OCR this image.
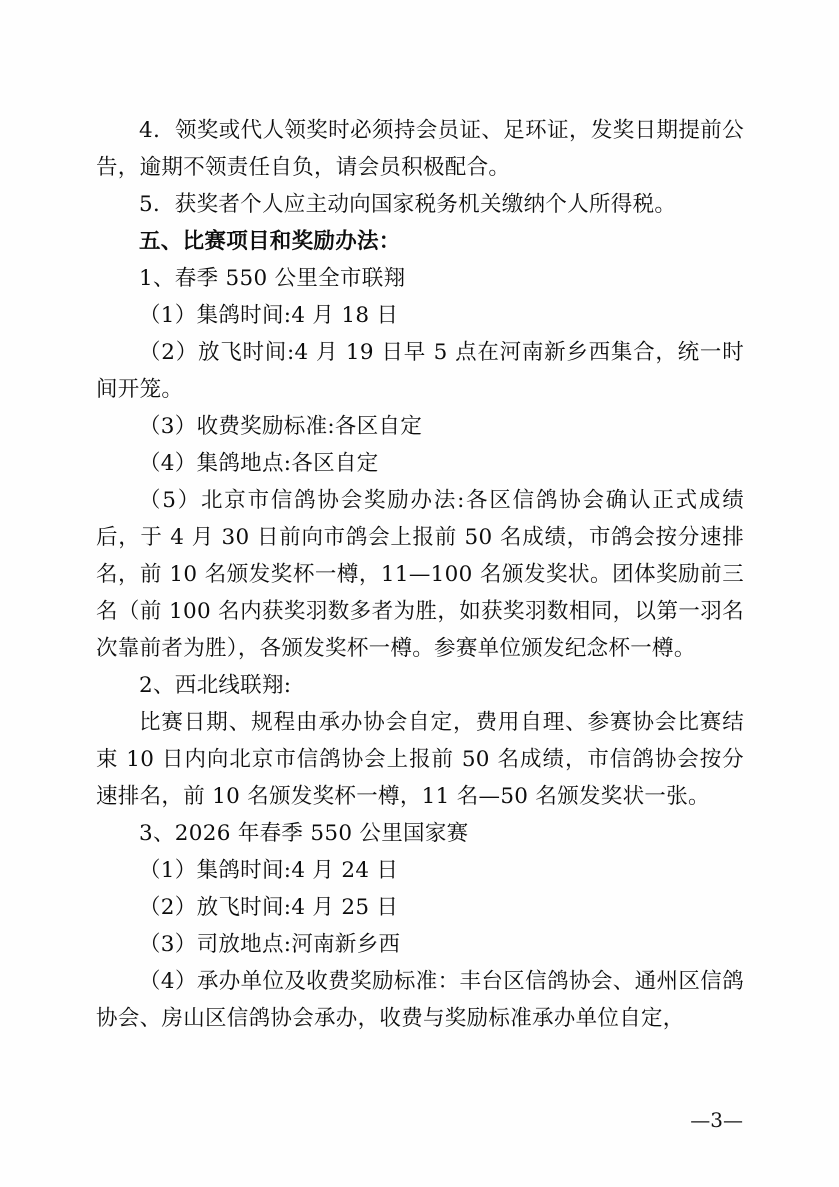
4．领奖或代人领奖时必须持会员证、足环证，发奖日期提前公告，逾期不领责任自负，请会员积极配合。

5．获奖者个人应主动向国家税务机关缴纳个人所得税。

五、比赛项目和奖励办法：

1、春季 550 公里全市联翔

（1）集鸽时间:4 月 18 日

（2）放飞时间:4 月 19 日早 5 点在河南新乡西集合，统一时间开笼。

（3）收费奖励标准:各区自定

（4）集鸽地点:各区自定

（5）北京市信鸽协会奖励办法:各区信鸽协会确认正式成绩后，于 4 月 30 日前向市鸽会上报前 50 名成绩，市鸽会按分速排名，前 10 名颁发奖杯一樽，11—100 名颁发奖状。团体奖励前三名（前 100 名内获奖羽数多者为胜，如获奖羽数相同，以第一羽名次靠前者为胜），各颁发奖杯一樽。参赛单位颁发纪念杯一樽。

2、西北线联翔:

比赛日期、规程由承办协会自定，费用自理、参赛协会比赛结束 10 日内向北京市信鸽协会上报前 50 名成绩，市信鸽协会按分速排名，前 10 名颁发奖杯一樽，11 名—50 名颁发奖状一张。

3、2026 年春季 550 公里国家赛

（1）集鸽时间:4 月 24 日

（2）放飞时间:4 月 25 日

（3）司放地点:河南新乡西

（4）承办单位及收费奖励标准：丰台区信鸽协会、通州区信鸽协会、房山区信鸽协会承办，收费与奖励标准承办单位自定，

—3—
